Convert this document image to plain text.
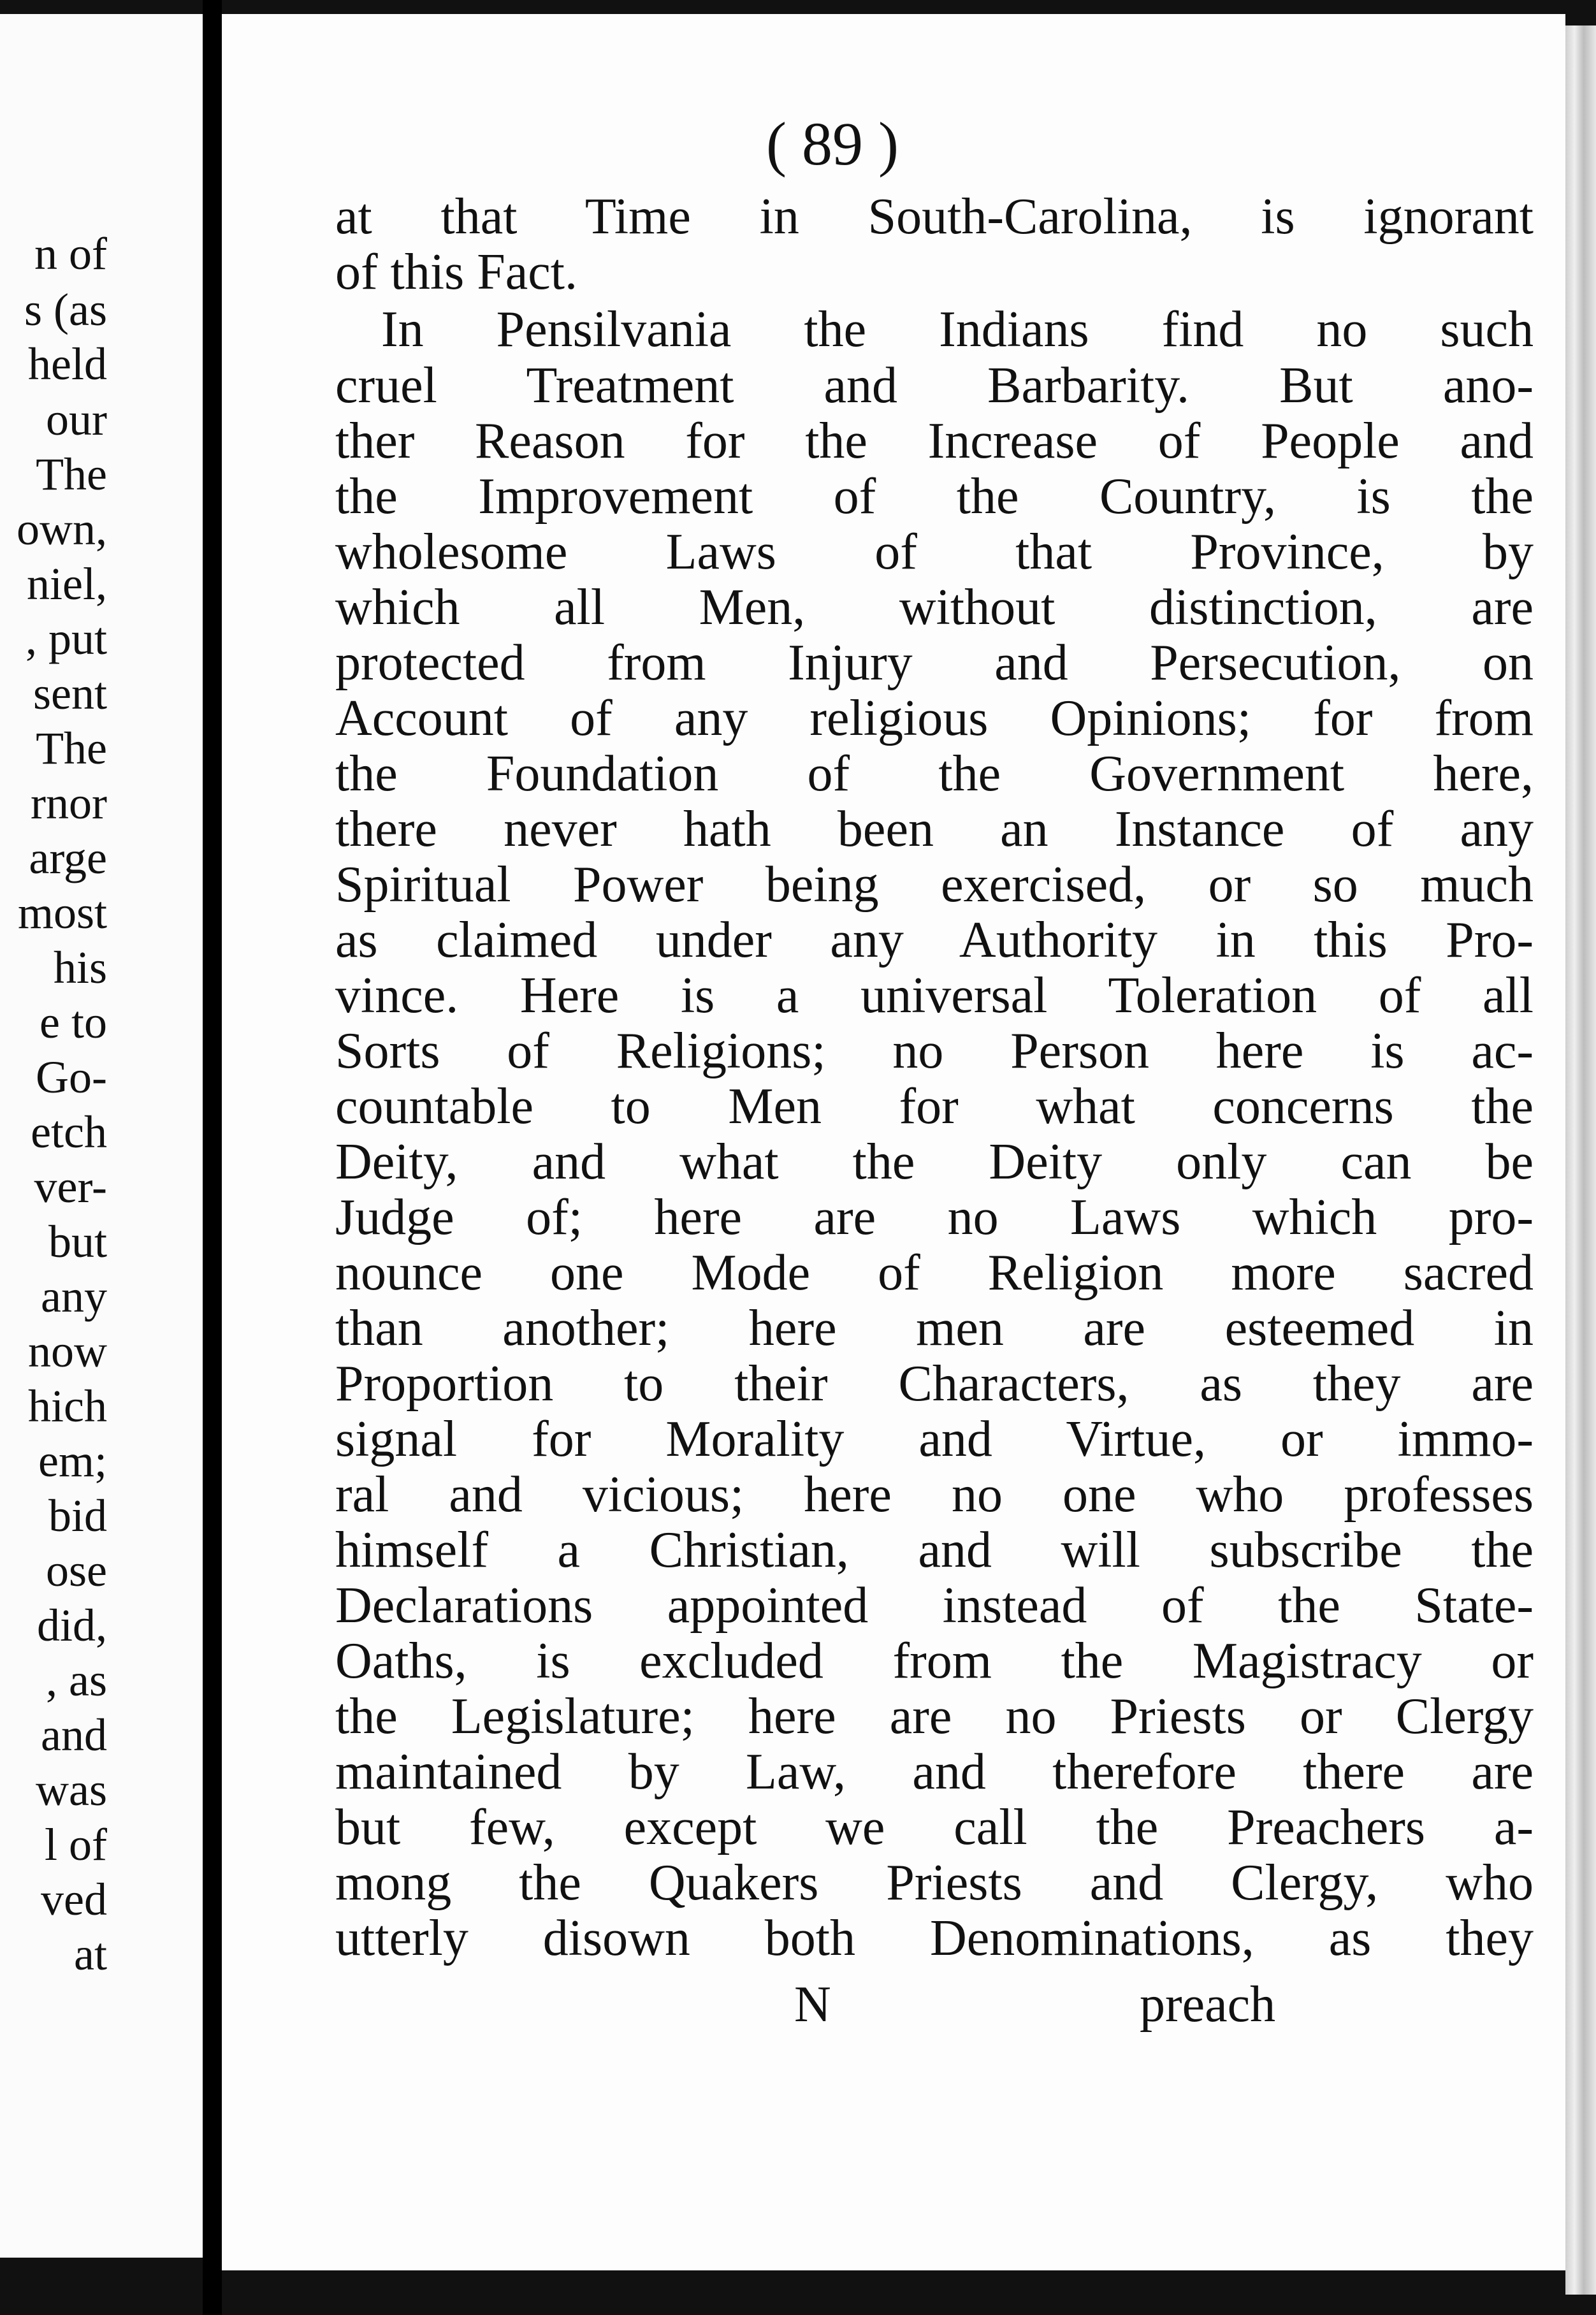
n of
s (as
held
our
The
own,
niel,
, put
sent
The
rnor
arge
most
his
e to
Go-
etch
ver-
but
any
now
hich
em;
bid
ose
did,
, as
and
was
l of
ved
at
( 89 )
at that Time in South-Carolina, is ignorant
of this Fact.
In Pensilvania the Indians find no such
cruel Treatment and Barbarity. But ano-
ther Reason for the Increase of People and
the Improvement of the Country, is the
wholesome Laws of that Province, by
which all Men, without distinction, are
protected from Injury and Persecution, on
Account of any religious Opinions; for from
the Foundation of the Government here,
there never hath been an Instance of any
Spiritual Power being exercised, or so much
as claimed under any Authority in this Pro-
vince. Here is a universal Toleration of all
Sorts of Religions; no Person here is ac-
countable to Men for what concerns the
Deity, and what the Deity only can be
Judge of; here are no Laws which pro-
nounce one Mode of Religion more sacred
than another; here men are esteemed in
Proportion to their Characters, as they are
signal for Morality and Virtue, or immo-
ral and vicious; here no one who professes
himself a Christian, and will subscribe the
Declarations appointed instead of the State-
Oaths, is excluded from the Magistracy or
the Legislature; here are no Priests or Clergy
maintained by Law, and therefore there are
but few, except we call the Preachers a-
mong the Quakers Priests and Clergy, who
utterly disown both Denominations, as they
N	preach
